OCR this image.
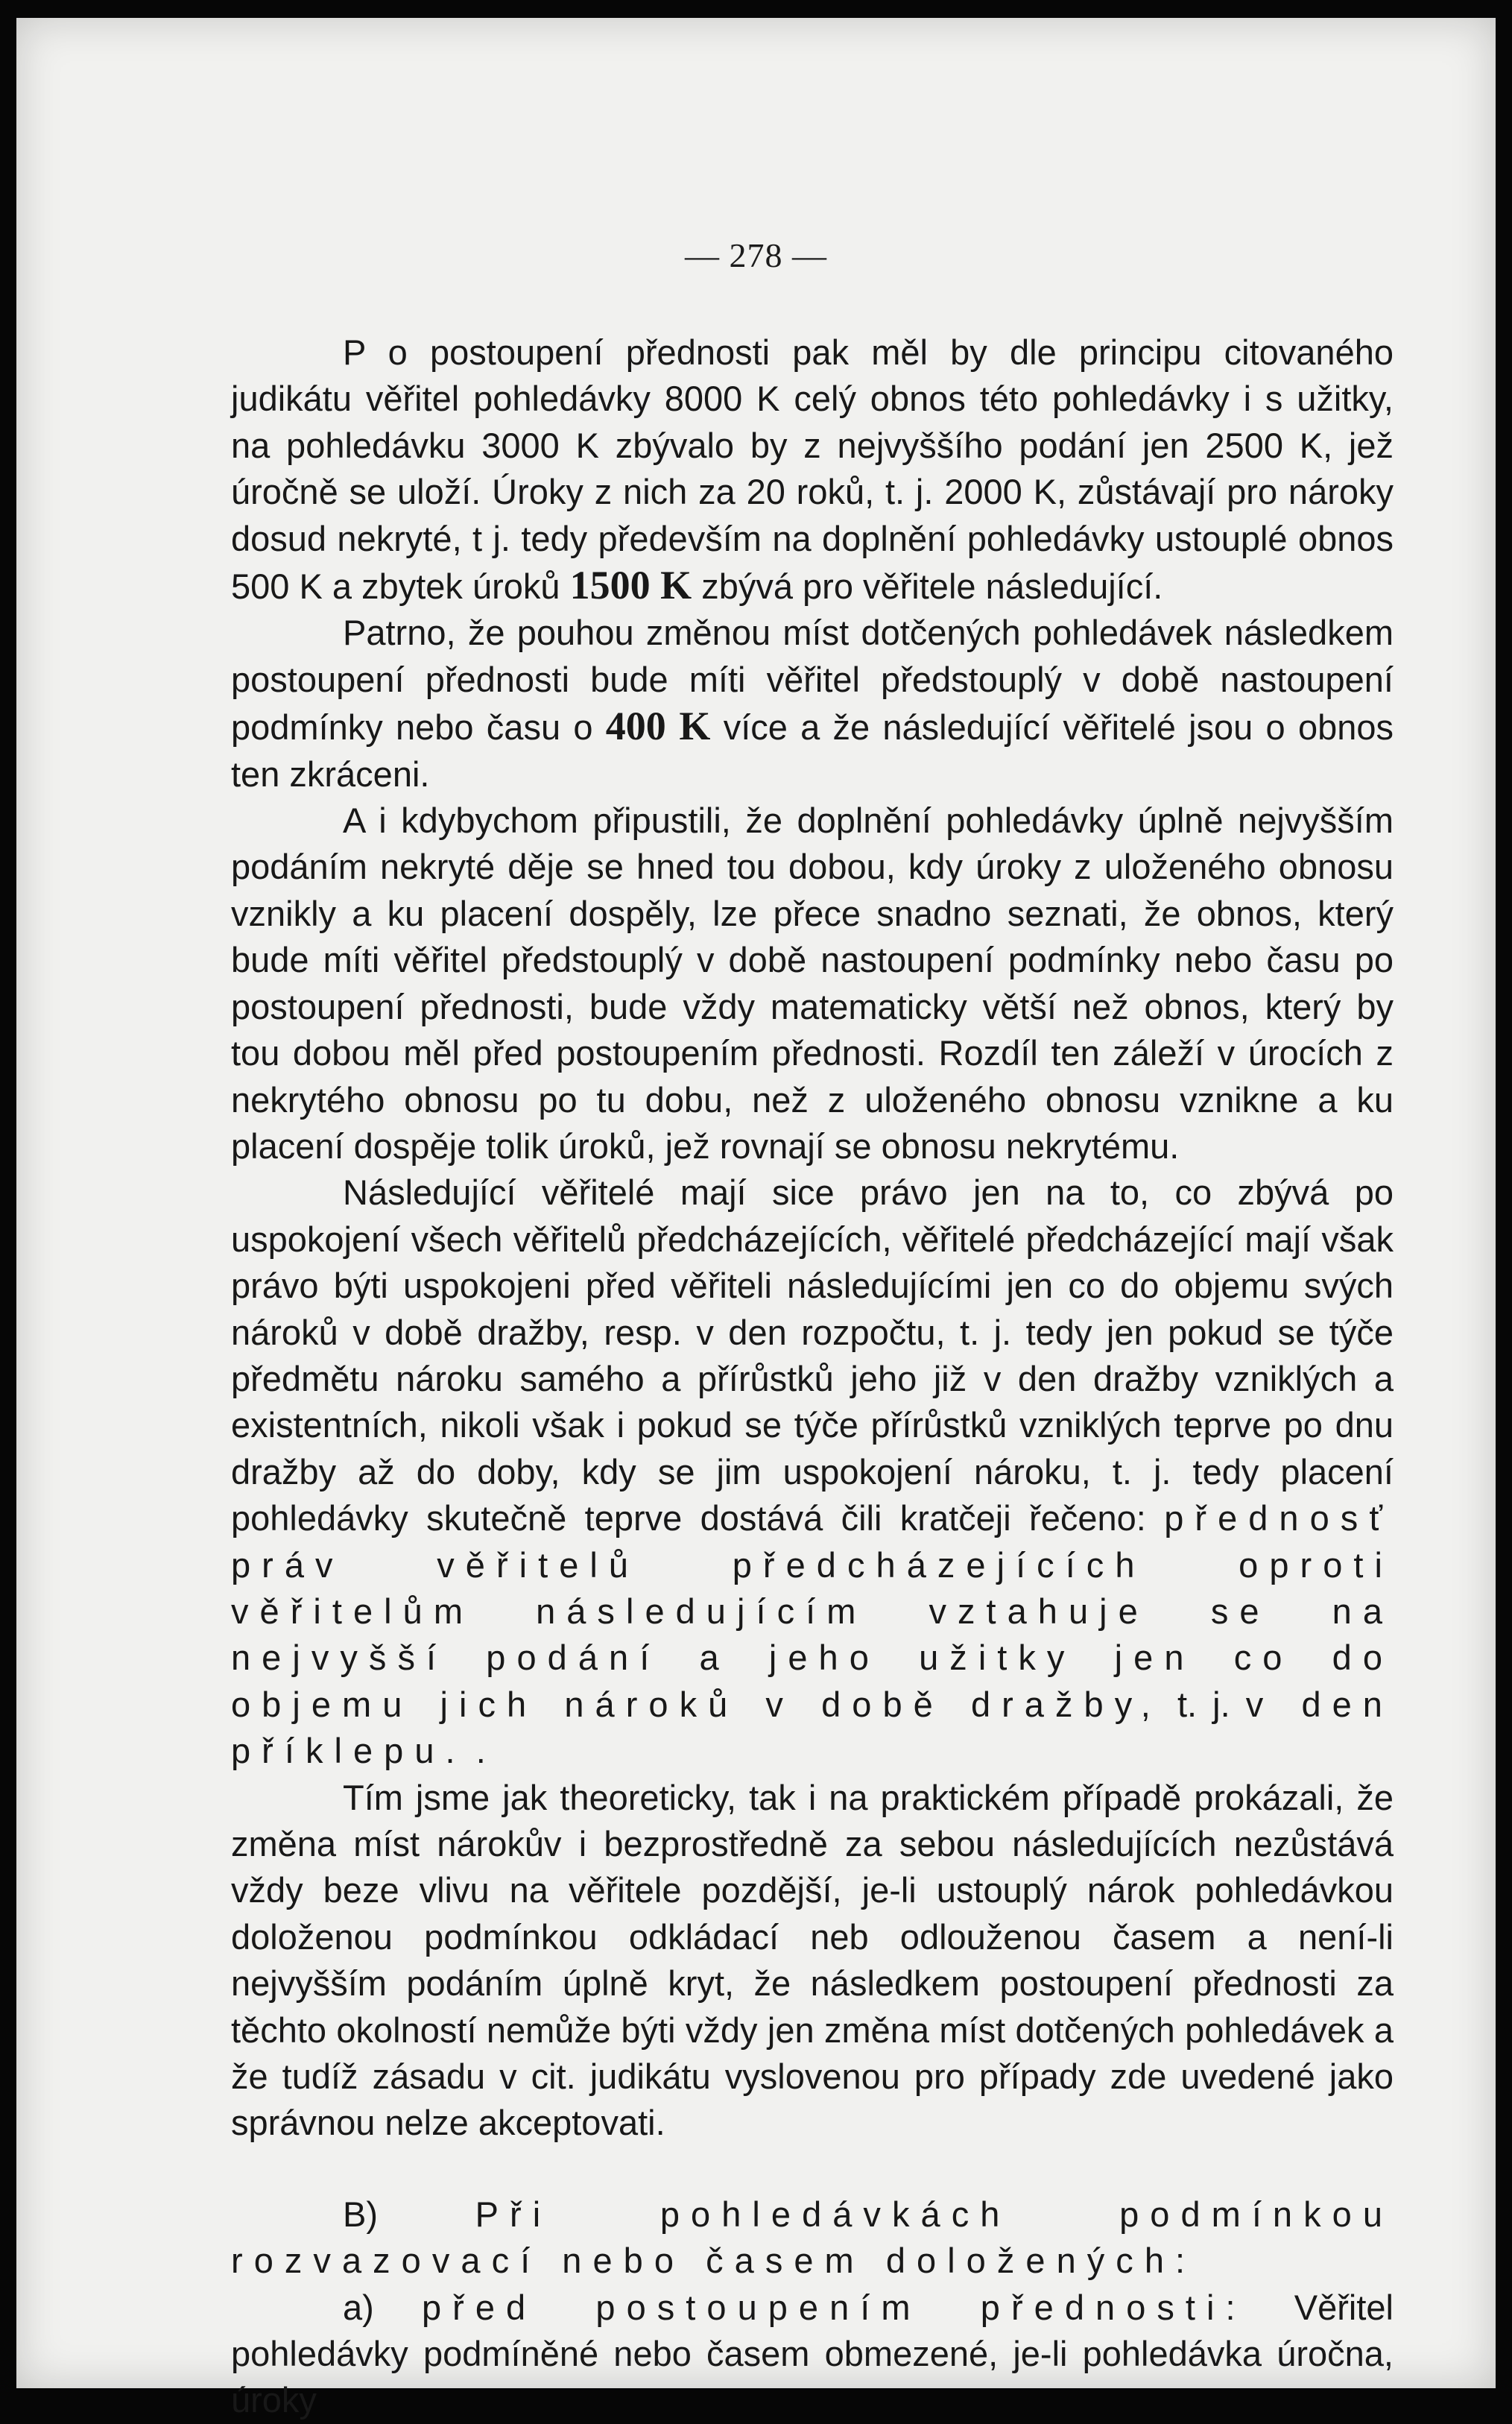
— 278 —

P o postoupení přednosti pak měl by dle principu citovaného judikátu věřitel pohledávky 8000 K celý obnos této pohledávky i s užitky, na pohledávku 3000 K zbývalo by z nejvyššího podání jen 2500 K, jež úročně se uloží. Úroky z nich za 20 roků, t. j. 2000 K, zůstávají pro nároky dosud nekryté, t j. tedy především na doplnění pohledávky ustouplé obnos 500 K a zbytek úroků 1500 K zbývá pro věřitele následující.

Patrno, že pouhou změnou míst dotčených pohledávek následkem postoupení přednosti bude míti věřitel předstouplý v době nastoupení podmínky nebo času o 400 K více a že následující věřitelé jsou o obnos ten zkráceni.

A i kdybychom připustili, že doplnění pohledávky úplně nejvyšším podáním nekryté děje se hned tou dobou, kdy úroky z uloženého obnosu vznikly a ku placení dospěly, lze přece snadno seznati, že obnos, který bude míti věřitel předstouplý v době nastoupení podmínky nebo času po postoupení přednosti, bude vždy matematicky větší než obnos, který by tou dobou měl před postoupením přednosti. Rozdíl ten záleží v úrocích z nekrytého obnosu po tu dobu, než z uloženého obnosu vznikne a ku placení dospěje tolik úroků, jež rovnají se obnosu nekrytému.

Následující věřitelé mají sice právo jen na to, co zbývá po uspokojení všech věřitelů předcházejících, věřitelé předcházející mají však právo býti uspokojeni před věřiteli následujícími jen co do objemu svých nároků v době dražby, resp. v den rozpočtu, t. j. tedy jen pokud se týče předmětu nároku samého a přírůstků jeho již v den dražby vzniklých a existentních, nikoli však i pokud se týče přírůstků vzniklých teprve po dnu dražby až do doby, kdy se jim uspokojení nároku, t. j. tedy placení pohledávky skutečně teprve dostává čili kratčeji řečeno: přednosť práv věřitelů předcházejících oproti věřitelům následujícím vztahuje se na nejvyšší podání a jeho užitky jen co do objemu jich nároků v době dražby, t. j. v den příklepu. .

Tím jsme jak theoreticky, tak i na praktickém případě prokázali, že změna míst nárokův i bezprostředně za sebou následujících nezůstává vždy beze vlivu na věřitele pozdější, je-li ustouplý nárok pohledávkou doloženou podmínkou odkládací neb odlouženou časem a není-li nejvyšším podáním úplně kryt, že následkem postoupení přednosti za těchto okolností nemůže býti vždy jen změna míst dotčených pohledávek a že tudíž zásadu v cit. judikátu vyslovenou pro případy zde uvedené jako správnou nelze akceptovati.

B)	Při pohledávkách podmínkou rozvazovací nebo časem doložených:

a) před postoupením přednosti: Věřitel pohledávky podmíněné nebo časem obmezené, je-li pohledávka úročna, úroky
